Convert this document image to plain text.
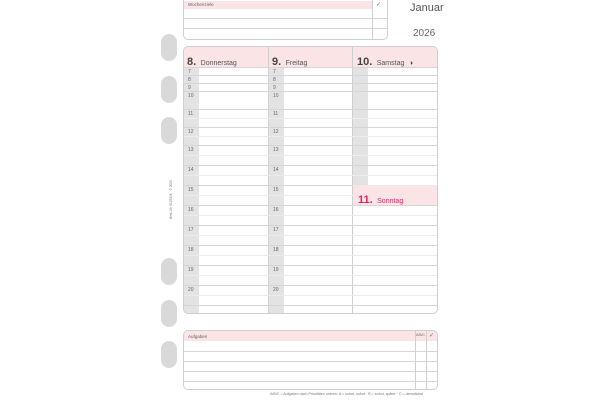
Best.-Nr. 0125326 · © 2025
Januar
2026
Wochenziele	✓
8. Donnerstag	9. Freitag	10. Samstag ◑
11. Sonntag
7	7
8	8
9	9
10	10
11	11
12	12
13	13
14	14
15	15
16	16
17	17
18	18
19	19
20	20
Aufgaben	A/B/C ✓
A/B/C = Aufgaben nach Prioritäten ordnen: A = sofort, sofort · B = sofort, später · C = demnächst
